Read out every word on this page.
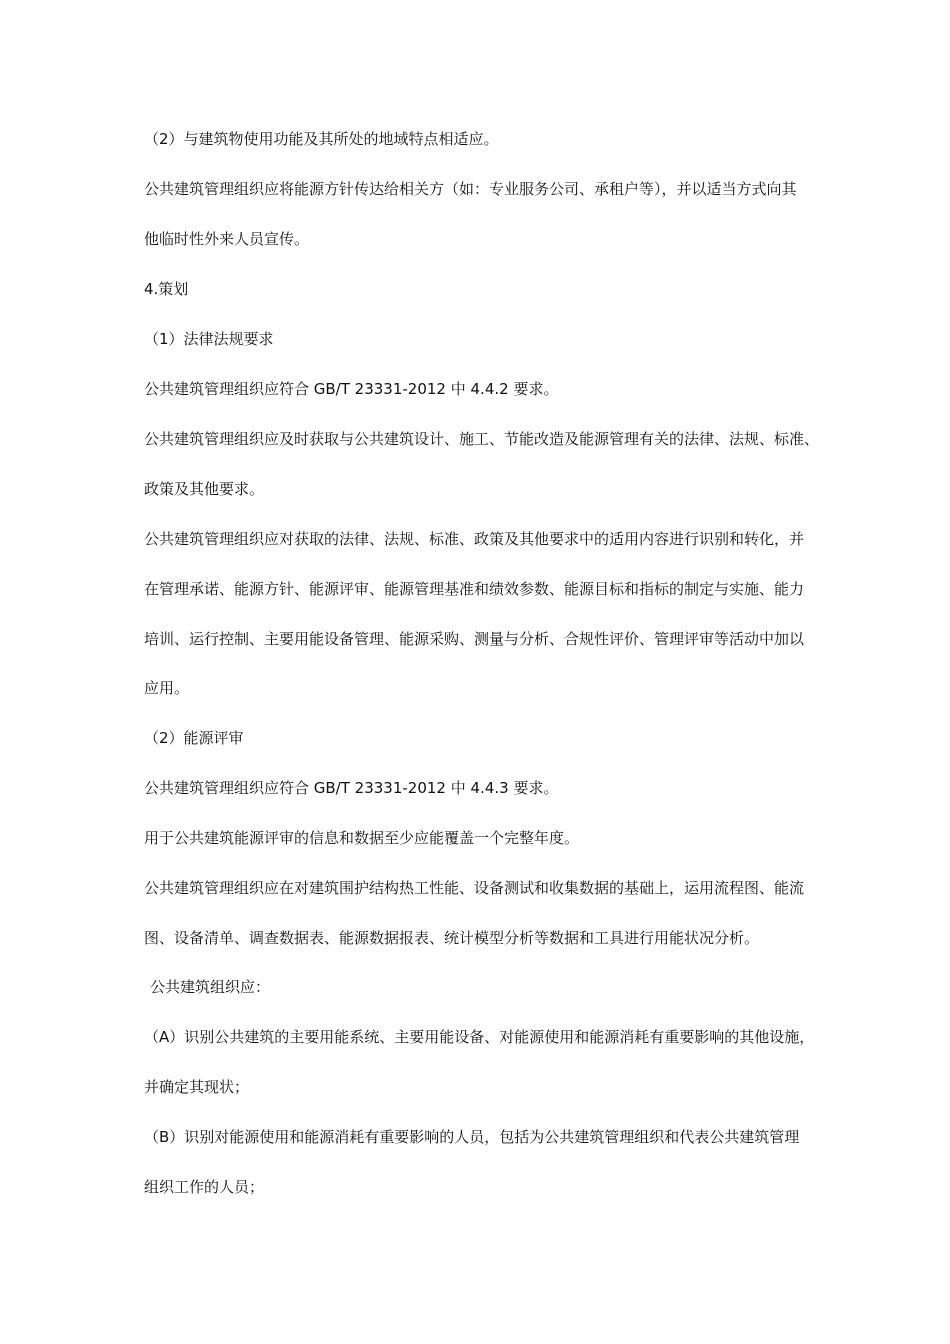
（2）与建筑物使用功能及其所处的地域特点相适应。
公共建筑管理组织应将能源方针传达给相关方（如：专业服务公司、承租户等），并以适当方式向其
他临时性外来人员宣传。
4.策划
（1）法律法规要求
公共建筑管理组织应符合 GB/T 23331-2012 中 4.4.2 要求。
公共建筑管理组织应及时获取与公共建筑设计、施工、节能改造及能源管理有关的法律、法规、标准、
政策及其他要求。
公共建筑管理组织应对获取的法律、法规、标准、政策及其他要求中的适用内容进行识别和转化，并
在管理承诺、能源方针、能源评审、能源管理基准和绩效参数、能源目标和指标的制定与实施、能力
培训、运行控制、主要用能设备管理、能源采购、测量与分析、合规性评价、管理评审等活动中加以
应用。
（2）能源评审
公共建筑管理组织应符合 GB/T 23331-2012 中 4.4.3 要求。
用于公共建筑能源评审的信息和数据至少应能覆盖一个完整年度。
公共建筑管理组织应在对建筑围护结构热工性能、设备测试和收集数据的基础上，运用流程图、能流
图、设备清单、调查数据表、能源数据报表、统计模型分析等数据和工具进行用能状况分析。
公共建筑组织应：
（A）识别公共建筑的主要用能系统、主要用能设备、对能源使用和能源消耗有重要影响的其他设施，
并确定其现状；
（B）识别对能源使用和能源消耗有重要影响的人员，包括为公共建筑管理组织和代表公共建筑管理
组织工作的人员；
